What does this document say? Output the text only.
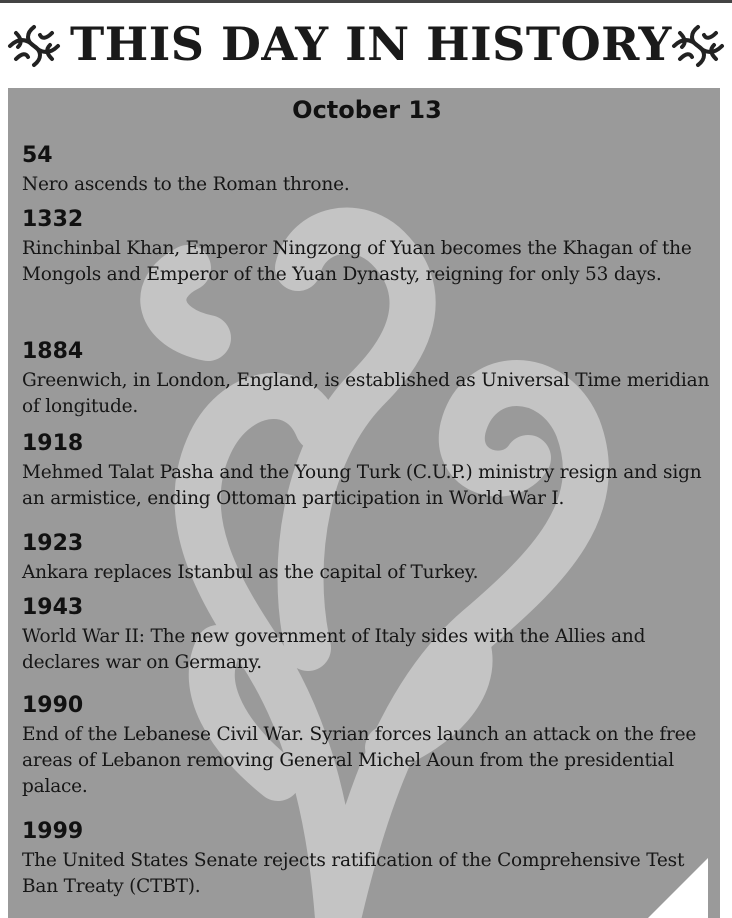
THIS DAY IN HISTORY
October 13
54
Nero ascends to the Roman throne.
1332
Rinchinbal Khan, Emperor Ningzong of Yuan becomes the Khagan of the Mongols and Emperor of the Yuan Dynasty, reigning for only 53 days.
1884
Greenwich, in London, England, is established as Universal Time meridian of longitude.
1918
Mehmed Talat Pasha and the Young Turk (C.U.P.) ministry resign and sign an armistice, ending Ottoman participation in World War I.
1923
Ankara replaces Istanbul as the capital of Turkey.
1943
World War II: The new government of Italy sides with the Allies and declares war on Germany.
1990
End of the Lebanese Civil War. Syrian forces launch an attack on the free areas of Lebanon removing General Michel Aoun from the presidential palace.
1999
The United States Senate rejects ratification of the Comprehensive Test Ban Treaty (CTBT).
